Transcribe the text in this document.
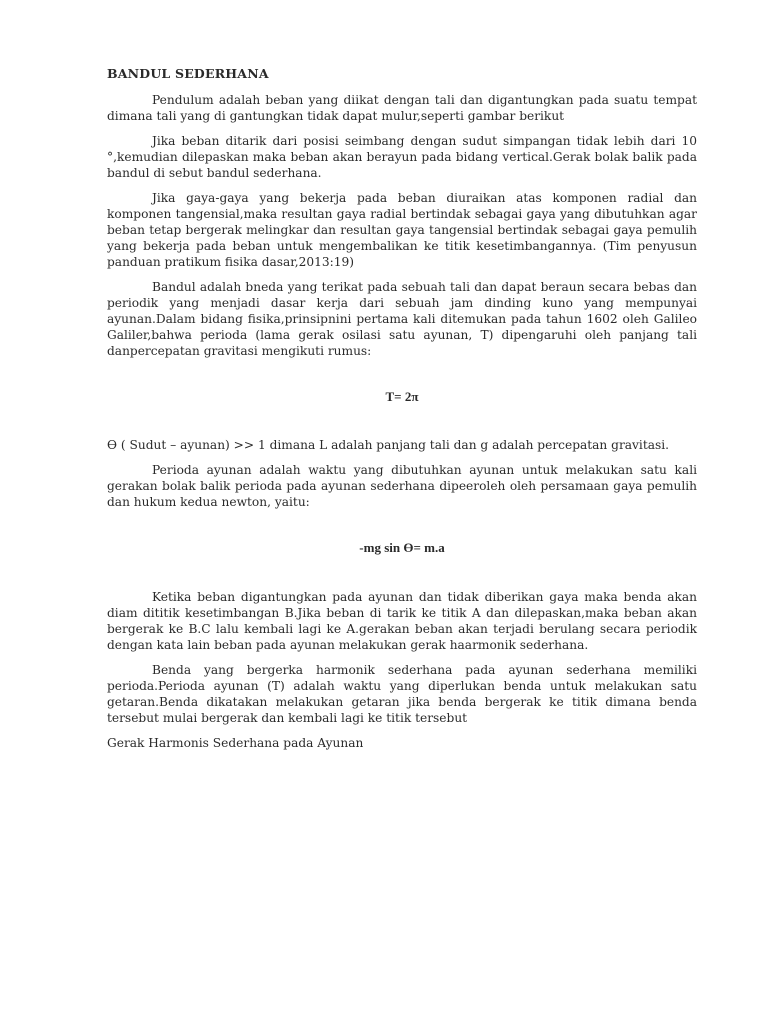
BANDUL SEDERHANA

Pendulum adalah beban yang diikat dengan tali dan digantungkan pada suatu tempat dimana tali yang di gantungkan tidak dapat mulur,seperti gambar berikut

Jika beban ditarik dari posisi seimbang dengan sudut simpangan tidak lebih dari 10 °,kemudian dilepaskan maka beban akan berayun pada bidang vertical.Gerak bolak balik pada bandul di sebut bandul sederhana.

Jika gaya-gaya yang bekerja pada beban diuraikan atas komponen radial dan komponen tangensial,maka resultan gaya radial bertindak sebagai gaya yang dibutuhkan agar beban tetap bergerak melingkar dan resultan gaya tangensial bertindak sebagai gaya pemulih yang bekerja pada beban untuk mengembalikan ke titik kesetimbangannya. (Tim penyusun panduan pratikum fisika dasar,2013:19)

Bandul adalah bneda yang terikat pada sebuah tali dan dapat beraun secara bebas dan periodik yang menjadi dasar kerja dari sebuah jam dinding kuno yang mempunyai ayunan.Dalam bidang fisika,prinsipnini pertama kali ditemukan pada tahun 1602 oleh Galileo Galiler,bahwa perioda (lama gerak osilasi satu ayunan, T) dipengaruhi oleh panjang tali danpercepatan gravitasi mengikuti rumus:

T= 2π

Ɵ ( Sudut – ayunan) >> 1 dimana L adalah panjang tali dan g adalah percepatan gravitasi.

Perioda ayunan adalah waktu yang dibutuhkan ayunan untuk melakukan satu kali gerakan bolak balik perioda pada ayunan sederhana dipeeroleh oleh persamaan gaya pemulih dan hukum kedua newton, yaitu:

-mg sin Ɵ= m.a

Ketika beban digantungkan pada ayunan dan tidak diberikan gaya maka benda akan diam dititik kesetimbangan B.Jika beban di tarik ke titik A dan dilepaskan,maka beban akan bergerak ke B.C lalu kembali lagi ke A.gerakan beban akan terjadi berulang secara periodik dengan kata lain beban pada ayunan melakukan gerak haarmonik sederhana.

Benda yang bergerka harmonik sederhana pada ayunan sederhana memiliki perioda.Perioda ayunan (T) adalah waktu yang diperlukan benda untuk melakukan satu getaran.Benda dikatakan melakukan getaran jika benda bergerak ke titik dimana benda tersebut mulai bergerak dan kembali lagi ke titik tersebut

Gerak Harmonis Sederhana pada Ayunan
